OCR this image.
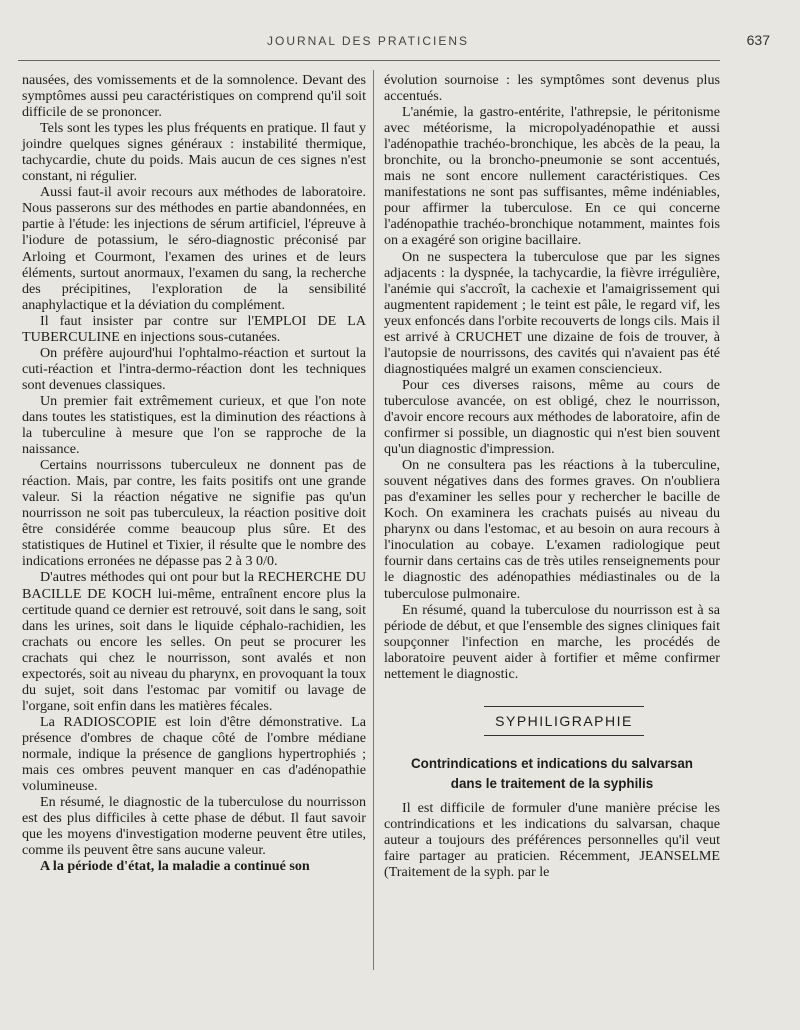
JOURNAL DES PRATICIENS	637

nausées, des vomissements et de la somnolence. Devant des symptômes aussi peu caractéristiques on comprend qu'il soit difficile de se prononcer.

Tels sont les types les plus fréquents en pratique. Il faut y joindre quelques signes généraux : instabilité thermique, tachycardie, chute du poids. Mais aucun de ces signes n'est constant, ni régulier.

Aussi faut-il avoir recours aux méthodes de laboratoire. Nous passerons sur des méthodes en partie abandonnées, en partie à l'étude: les injections de sérum artificiel, l'épreuve à l'iodure de potassium, le séro-diagnostic préconisé par Arloing et Courmont, l'examen des urines et de leurs éléments, surtout anormaux, l'examen du sang, la recherche des précipitines, l'exploration de la sensibilité anaphylactique et la déviation du complément.

Il faut insister par contre sur l'EMPLOI DE LA TUBERCULINE en injections sous-cutanées.

On préfère aujourd'hui l'ophtalmo-réaction et surtout la cuti-réaction et l'intra-dermo-réaction dont les techniques sont devenues classiques.

Un premier fait extrêmement curieux, et que l'on note dans toutes les statistiques, est la diminution des réactions à la tuberculine à mesure que l'on se rapproche de la naissance.

Certains nourrissons tuberculeux ne donnent pas de réaction. Mais, par contre, les faits positifs ont une grande valeur. Si la réaction négative ne signifie pas qu'un nourrisson ne soit pas tuberculeux, la réaction positive doit être considérée comme beaucoup plus sûre. Et des statistiques de Hutinel et Tixier, il résulte que le nombre des indications erronées ne dépasse pas 2 à 3 0/0.

D'autres méthodes qui ont pour but la RECHERCHE DU BACILLE DE KOCH lui-même, entraînent encore plus la certitude quand ce dernier est retrouvé, soit dans le sang, soit dans les urines, soit dans le liquide céphalo-rachidien, les crachats ou encore les selles. On peut se procurer les crachats qui chez le nourrisson, sont avalés et non expectorés, soit au niveau du pharynx, en provoquant la toux du sujet, soit dans l'estomac par vomitif ou lavage de l'organe, soit enfin dans les matières fécales.

La RADIOSCOPIE est loin d'être démonstrative. La présence d'ombres de chaque côté de l'ombre médiane normale, indique la présence de ganglions hypertrophiés ; mais ces ombres peuvent manquer en cas d'adénopathie volumineuse.

En résumé, le diagnostic de la tuberculose du nourrisson est des plus difficiles à cette phase de début. Il faut savoir que les moyens d'investigation moderne peuvent être utiles, comme ils peuvent être sans aucune valeur.

A la période d'état, la maladie a continué son

évolution sournoise : les symptômes sont devenus plus accentués.

L'anémie, la gastro-entérite, l'athrepsie, le péritonisme avec météorisme, la micropolyadénopathie et aussi l'adénopathie trachéo-bronchique, les abcès de la peau, la bronchite, ou la broncho-pneumonie se sont accentués, mais ne sont encore nullement caractéristiques. Ces manifestations ne sont pas suffisantes, même indéniables, pour affirmer la tuberculose. En ce qui concerne l'adénopathie trachéo-bronchique notamment, maintes fois on a exagéré son origine bacillaire.

On ne suspectera la tuberculose que par les signes adjacents : la dyspnée, la tachycardie, la fièvre irrégulière, l'anémie qui s'accroît, la cachexie et l'amaigrissement qui augmentent rapidement ; le teint est pâle, le regard vif, les yeux enfoncés dans l'orbite recouverts de longs cils. Mais il est arrivé à CRUCHET une dizaine de fois de trouver, à l'autopsie de nourrissons, des cavités qui n'avaient pas été diagnostiquées malgré un examen consciencieux.

Pour ces diverses raisons, même au cours de tuberculose avancée, on est obligé, chez le nourrisson, d'avoir encore recours aux méthodes de laboratoire, afin de confirmer si possible, un diagnostic qui n'est bien souvent qu'un diagnostic d'impression.

On ne consultera pas les réactions à la tuberculine, souvent négatives dans des formes graves. On n'oubliera pas d'examiner les selles pour y rechercher le bacille de Koch. On examinera les crachats puisés au niveau du pharynx ou dans l'estomac, et au besoin on aura recours à l'inoculation au cobaye. L'examen radiologique peut fournir dans certains cas de très utiles renseignements pour le diagnostic des adénopathies médiastinales ou de la tuberculose pulmonaire.

En résumé, quand la tuberculose du nourrisson est à sa période de début, et que l'ensemble des signes cliniques fait soupçonner l'infection en marche, les procédés de laboratoire peuvent aider à fortifier et même confirmer nettement le diagnostic.

SYPHILIGRAPHIE
Contrindications et indications du salvarsan
dans le traitement de la syphilis

Il est difficile de formuler d'une manière précise les contrindications et les indications du salvarsan, chaque auteur a toujours des préférences personnelles qu'il veut faire partager au praticien. Récemment, JEANSELME (Traitement de la syph. par le
